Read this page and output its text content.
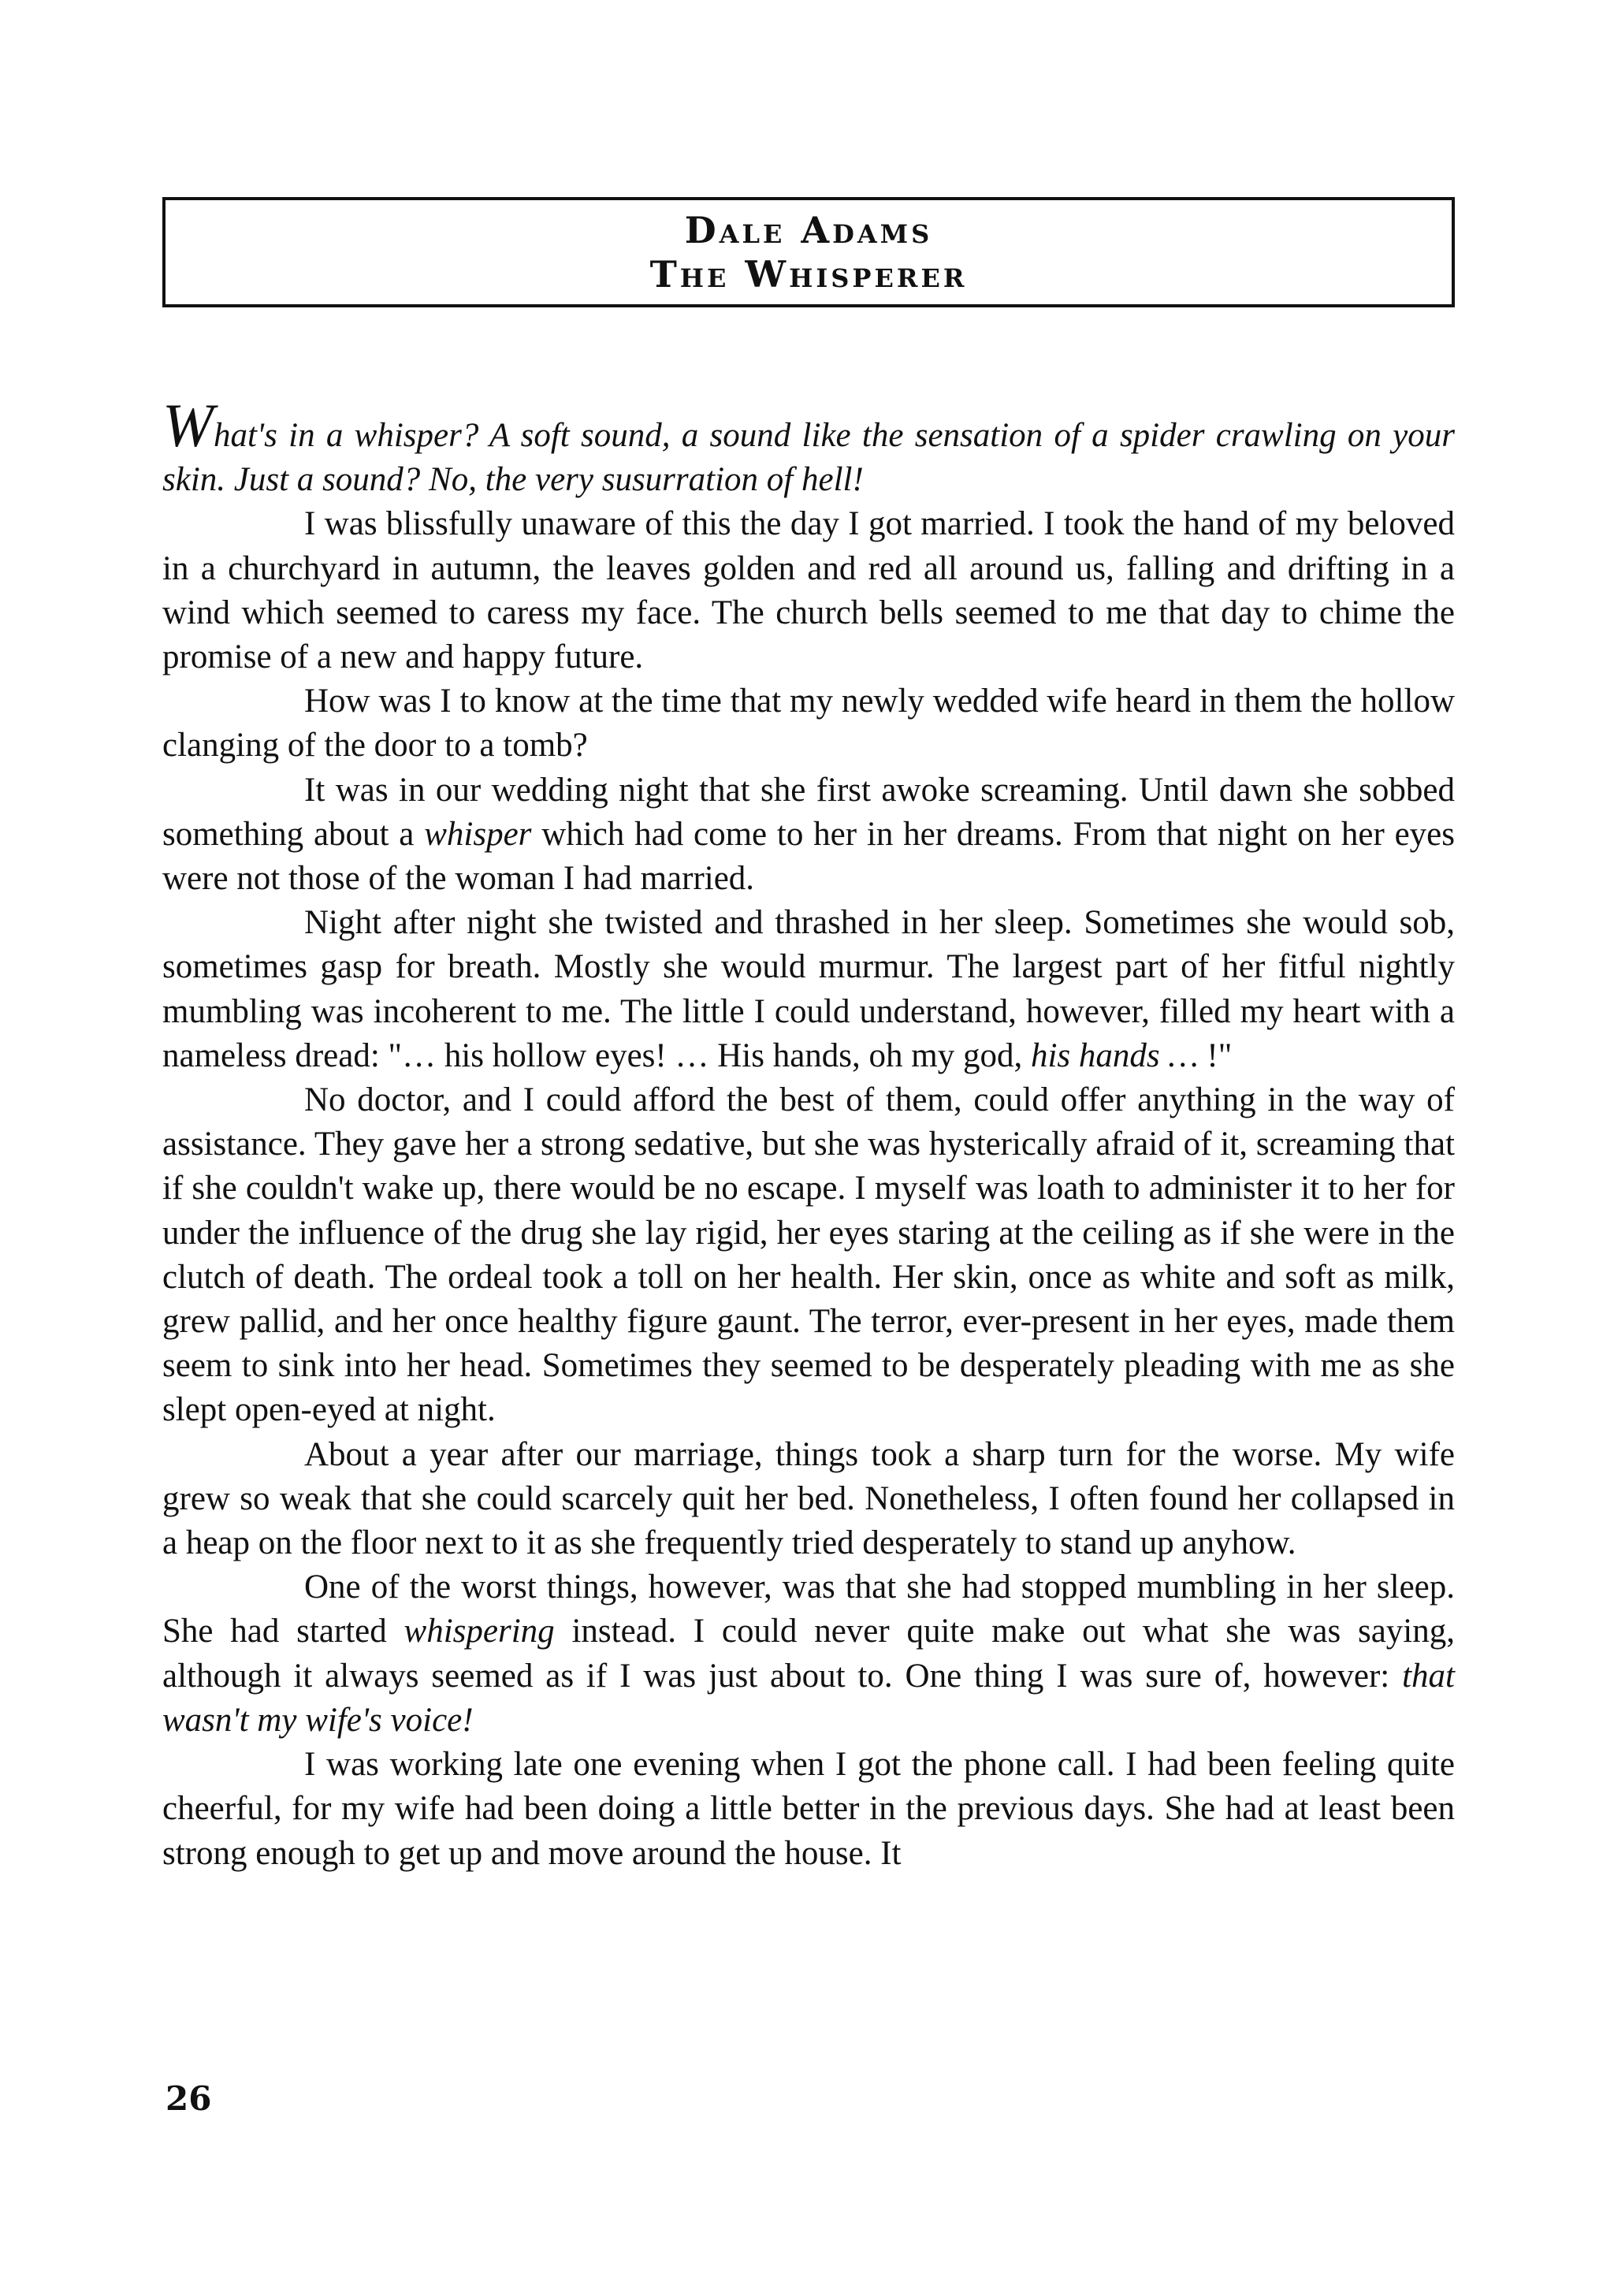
Dale Adams
The Whisperer

What's in a whisper? A soft sound, a sound like the sensation of a spider crawling on your skin. Just a sound? No, the very susurration of hell!

I was blissfully unaware of this the day I got married. I took the hand of my beloved in a churchyard in autumn, the leaves golden and red all around us, falling and drifting in a wind which seemed to caress my face. The church bells seemed to me that day to chime the promise of a new and happy future.

How was I to know at the time that my newly wedded wife heard in them the hollow clanging of the door to a tomb?

It was in our wedding night that she first awoke screaming. Until dawn she sobbed something about a whisper which had come to her in her dreams. From that night on her eyes were not those of the woman I had married.

Night after night she twisted and thrashed in her sleep. Sometimes she would sob, sometimes gasp for breath. Mostly she would murmur. The largest part of her fitful nightly mumbling was incoherent to me. The little I could understand, however, filled my heart with a nameless dread: "… his hollow eyes! … His hands, oh my god, his hands … !"

No doctor, and I could afford the best of them, could offer anything in the way of assistance. They gave her a strong sedative, but she was hysterically afraid of it, screaming that if she couldn't wake up, there would be no escape. I myself was loath to administer it to her for under the influence of the drug she lay rigid, her eyes staring at the ceiling as if she were in the clutch of death. The ordeal took a toll on her health. Her skin, once as white and soft as milk, grew pallid, and her once healthy figure gaunt. The terror, ever-present in her eyes, made them seem to sink into her head. Sometimes they seemed to be desperately pleading with me as she slept open-eyed at night.

About a year after our marriage, things took a sharp turn for the worse. My wife grew so weak that she could scarcely quit her bed. Nonetheless, I often found her collapsed in a heap on the floor next to it as she frequently tried desperately to stand up anyhow.

One of the worst things, however, was that she had stopped mumbling in her sleep. She had started whispering instead. I could never quite make out what she was saying, although it always seemed as if I was just about to. One thing I was sure of, however: that wasn't my wife's voice!

I was working late one evening when I got the phone call. I had been feeling quite cheerful, for my wife had been doing a little better in the previous days. She had at least been strong enough to get up and move around the house. It

26
